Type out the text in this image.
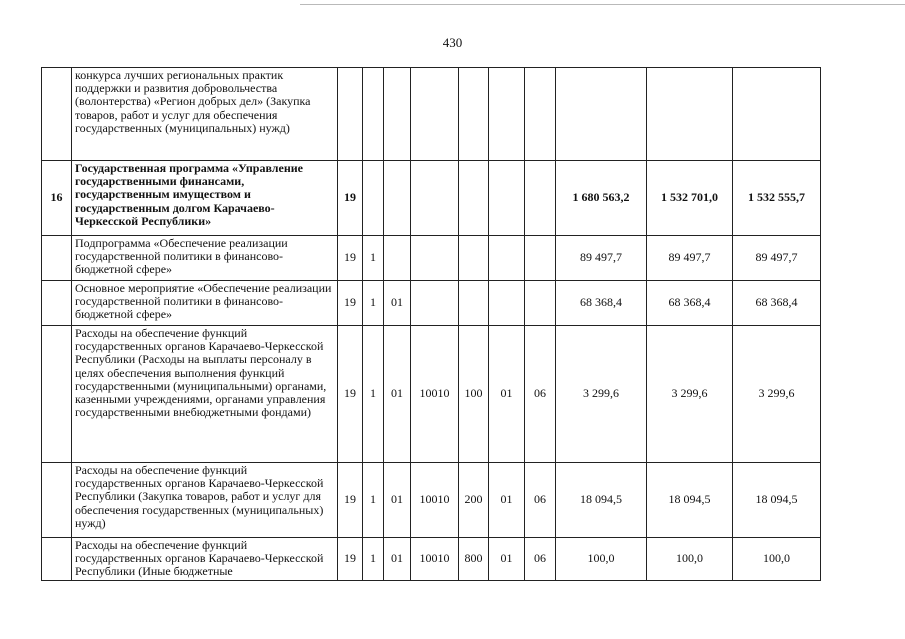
430
	конкурса лучших региональных практик поддержки и развития добровольчества (волонтерства) «Регион добрых дел» (Закупка товаров, работ и услуг для обеспечения государственных (муниципальных) нужд)										
16	Государственная программа «Управление государственными финансами, государственным имуществом и государственным долгом Карачаево-Черкесской Республики»	19							1 680 563,2	1 532 701,0	1 532 555,7
	Подпрограмма «Обеспечение реализации государственной политики в финансово-бюджетной сфере»	19	1						89 497,7	89 497,7	89 497,7
	Основное мероприятие «Обеспечение реализации государственной политики в финансово-бюджетной сфере»	19	1	01					68 368,4	68 368,4	68 368,4
	Расходы на обеспечение функций государственных органов Карачаево-Черкесской Республики (Расходы на выплаты персоналу в целях обеспечения выполнения функций государственными (муниципальными) органами, казенными учреждениями, органами управления государственными внебюджетными фондами)	19	1	01	10010	100	01	06	3 299,6	3 299,6	3 299,6
	Расходы на обеспечение функций государственных органов Карачаево-Черкесской Республики (Закупка товаров, работ и услуг для обеспечения государственных (муниципальных) нужд)	19	1	01	10010	200	01	06	18 094,5	18 094,5	18 094,5
	Расходы на обеспечение функций государственных органов Карачаево-Черкесской Республики (Иные бюджетные	19	1	01	10010	800	01	06	100,0	100,0	100,0
